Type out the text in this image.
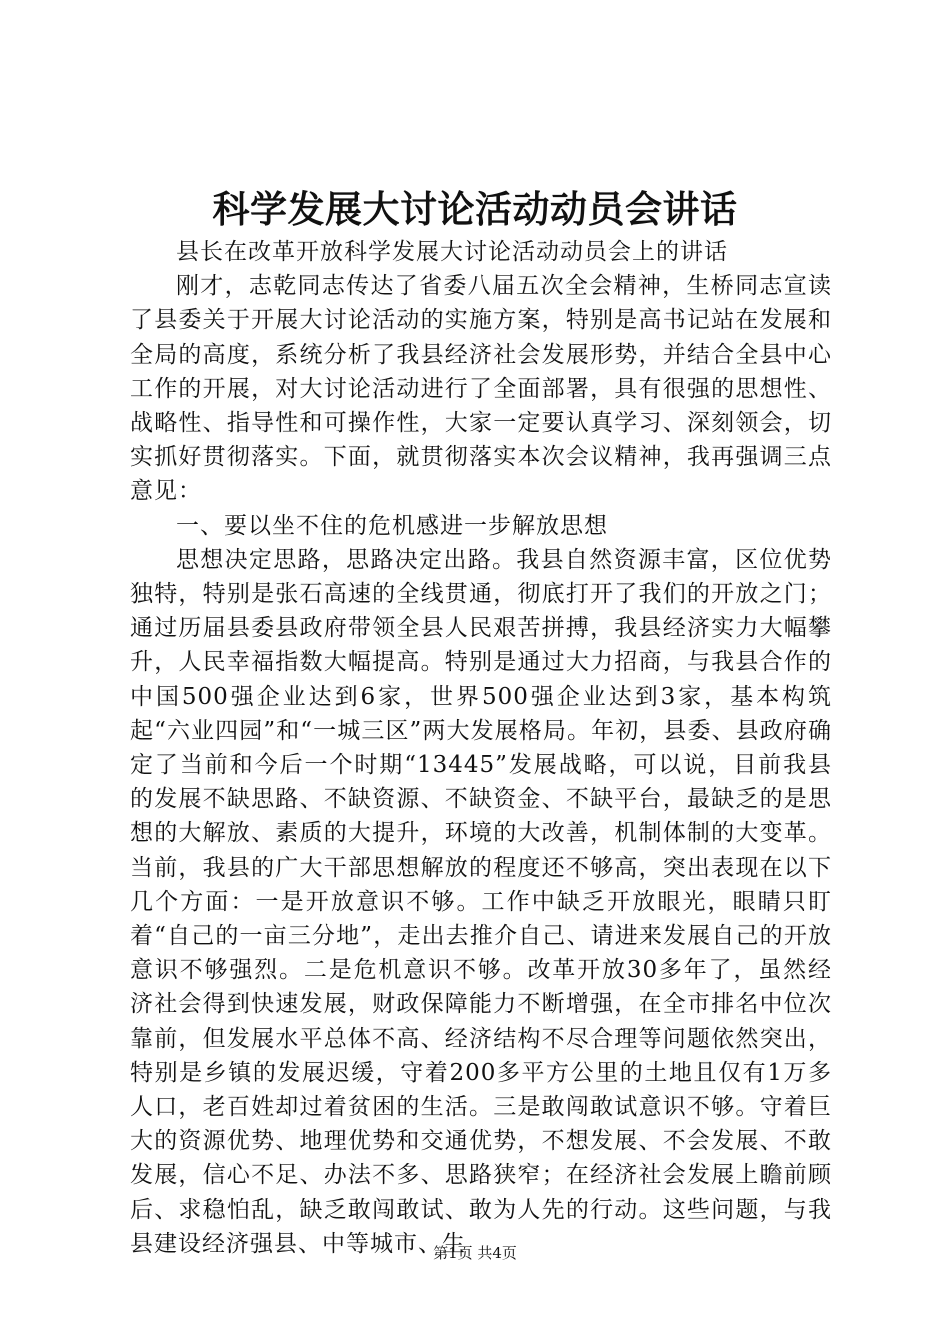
科学发展大讨论活动动员会讲话

县长在改革开放科学发展大讨论活动动员会上的讲话

刚才，志乾同志传达了省委八届五次全会精神，生桥同志宣读了县委关于开展大讨论活动的实施方案，特别是高书记站在发展和全局的高度，系统分析了我县经济社会发展形势，并结合全县中心工作的开展，对大讨论活动进行了全面部署，具有很强的思想性、战略性、指导性和可操作性，大家一定要认真学习、深刻领会，切实抓好贯彻落实。下面，就贯彻落实本次会议精神，我再强调三点意见：

一、要以坐不住的危机感进一步解放思想

思想决定思路，思路决定出路。我县自然资源丰富，区位优势独特，特别是张石高速的全线贯通，彻底打开了我们的开放之门；通过历届县委县政府带领全县人民艰苦拼搏，我县经济实力大幅攀升，人民幸福指数大幅提高。特别是通过大力招商，与我县合作的中国500强企业达到6家，世界500强企业达到3家，基本构筑起“六业四园”和“一城三区”两大发展格局。年初，县委、县政府确定了当前和今后一个时期“13445”发展战略，可以说，目前我县的发展不缺思路、不缺资源、不缺资金、不缺平台，最缺乏的是思想的大解放、素质的大提升，环境的大改善，机制体制的大变革。当前，我县的广大干部思想解放的程度还不够高，突出表现在以下几个方面：一是开放意识不够。工作中缺乏开放眼光，眼睛只盯着“自己的一亩三分地”，走出去推介自己、请进来发展自己的开放意识不够强烈。二是危机意识不够。改革开放30多年了，虽然经济社会得到快速发展，财政保障能力不断增强，在全市排名中位次靠前，但发展水平总体不高、经济结构不尽合理等问题依然突出，特别是乡镇的发展迟缓，守着200多平方公里的土地且仅有1万多人口，老百姓却过着贫困的生活。三是敢闯敢试意识不够。守着巨大的资源优势、地理优势和交通优势，不想发展、不会发展、不敢发展，信心不足、办法不多、思路狭窄；在经济社会发展上瞻前顾后、求稳怕乱，缺乏敢闯敢试、敢为人先的行动。这些问题，与我县建设经济强县、中等城市、生

第1页 共4页
